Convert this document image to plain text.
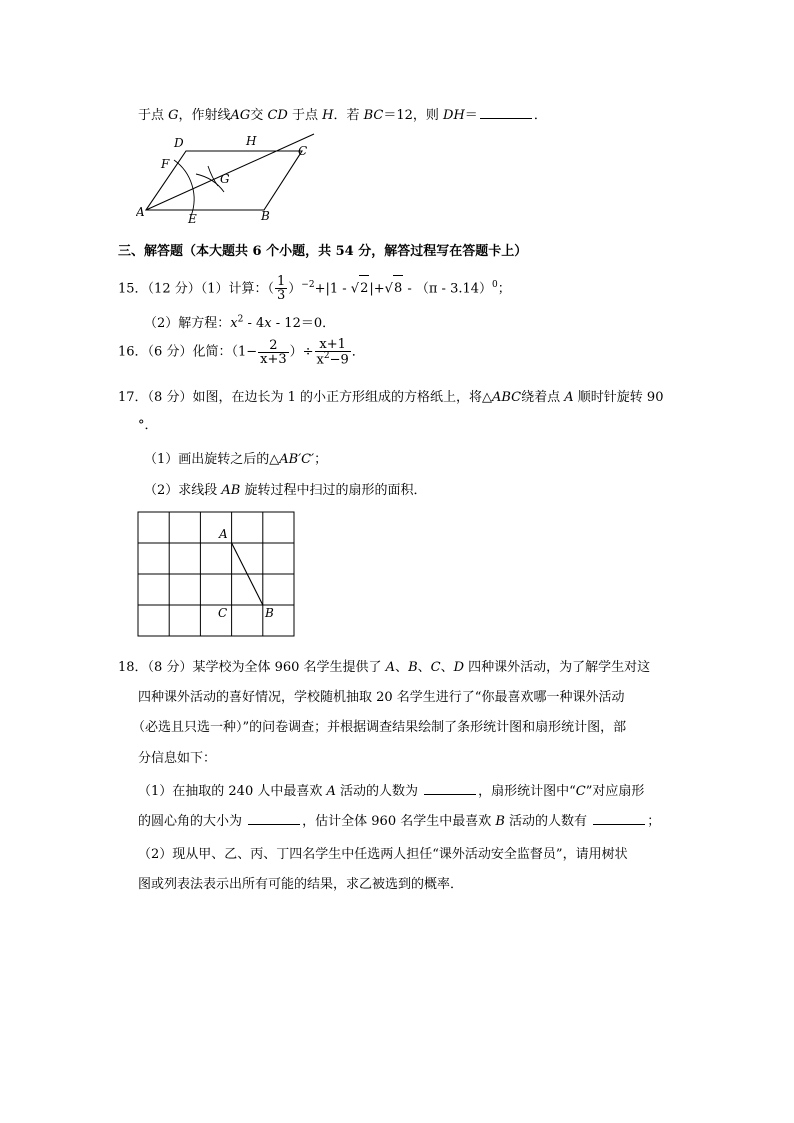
于点 G，作射线AG交 CD 于点 H．若 BC＝12，则 DH＝	．
D	H
C
F
G
A	E	B
三、解答题（本大题共 6 个小题，共 54 分，解答过程写在答题卡上）
15．（12 分）（1）计算：（ $\frac{1}{3} )^{-2}+|1 - √2|+√8 - (\pi - 3.14)^0$；
（2）解方程：$x^2 - 4x - 12=0$．
16．（6 分）化简：（$1- \frac{2}{x+3}$ ）÷ $\frac{x+1}{x^2-9}$ ．
17．（8 分）如图，在边长为 1 的小正方形组成的方格纸上，将△ABC绕着点 A 顺时针旋转 90
°．
（1）画出旋转之后的△AB′C′；
（2）求线段 AB 旋转过程中扫过的扇形的面积．
A
C	B
18．（8 分）某学校为全体 960 名学生提供了 A、B、C、D 四种课外活动，为了解学生对这
四种课外活动的喜好情况，学校随机抽取 20 名学生进行了“你最喜欢哪一种课外活动
（必选且只选一种）”的问卷调查；并根据调查结果绘制了条形统计图和扇形统计图，部
分信息如下：
（1）在抽取的 240 人中最喜欢 A 活动的人数为	，扇形统计图中“C”对应扇形
的圆心角的大小为	，估计全体 960 名学生中最喜欢 B 活动的人数有	；
（2）现从甲、乙、丙、丁四名学生中任选两人担任“课外活动安全监督员”，请用树状
图或列表法表示出所有可能的结果，求乙被选到的概率．
